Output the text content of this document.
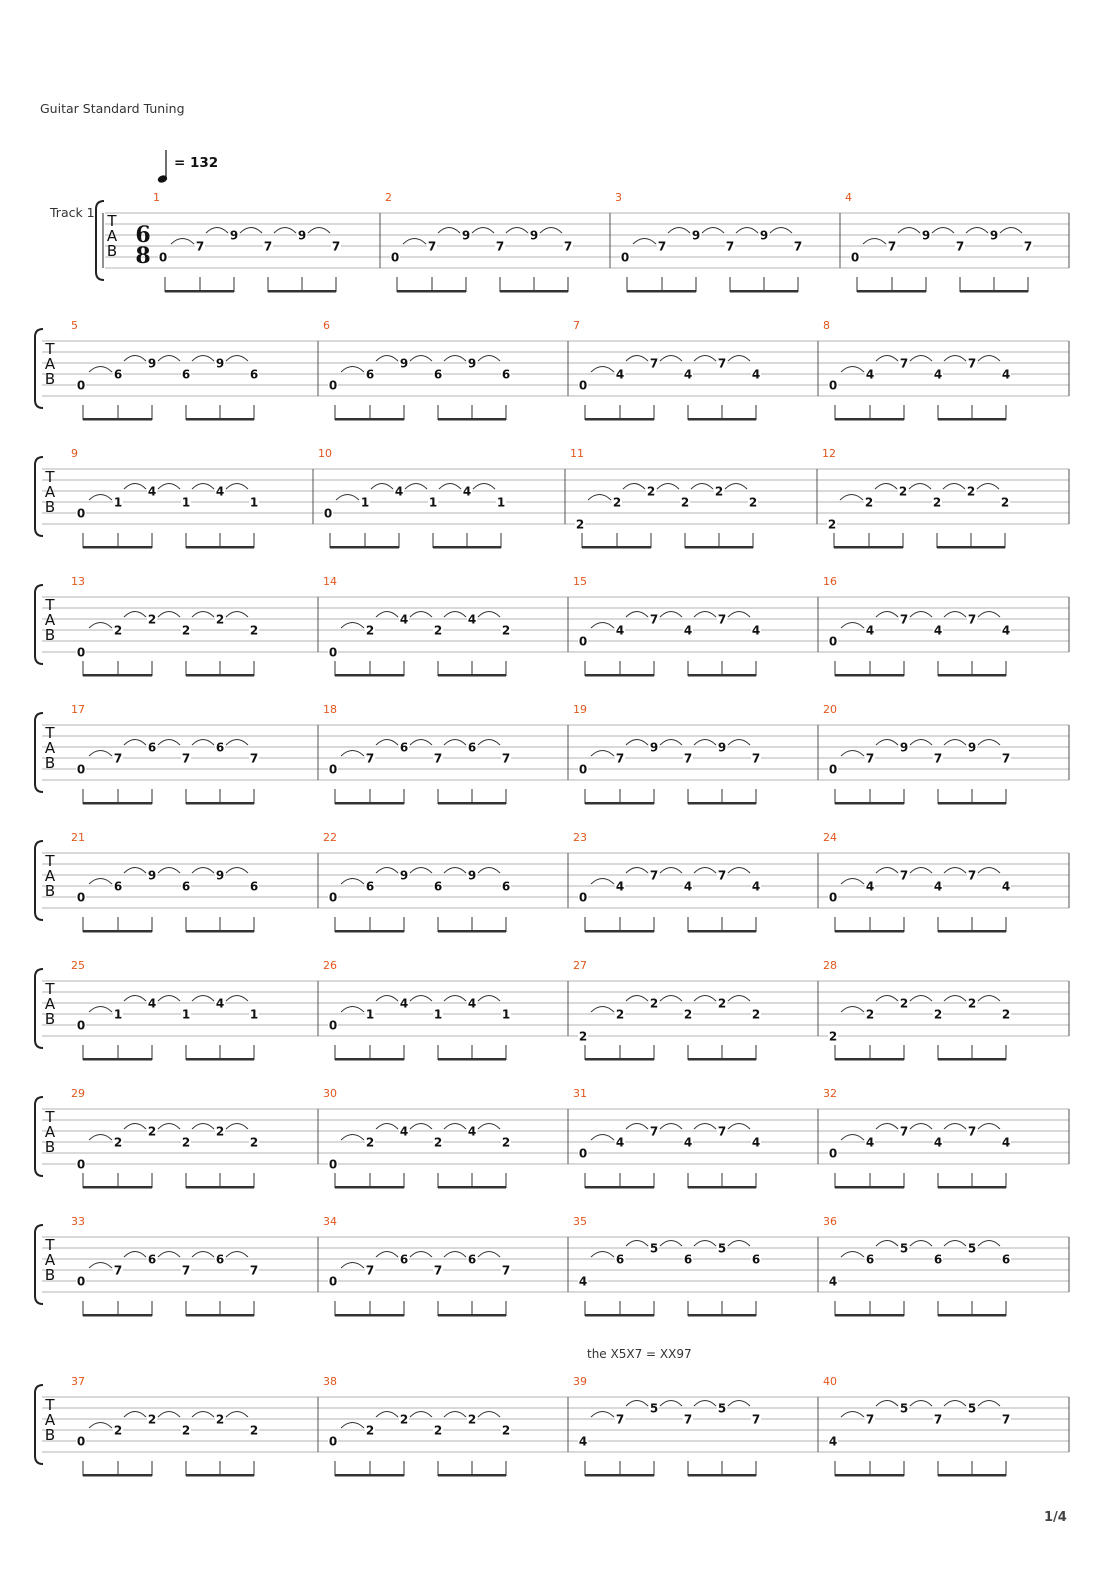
Guitar Standard Tuning
= 132
Track 1
the X5X7 = XX97
1/4
T
A
B
6
8
1
0
7
9
7
9
7
2
0
7
9
7
9
7
3
0
7
9
7
9
7
4
0
7
9
7
9
7
T
A
B
5
0
6
9
6
9
6
6
0
6
9
6
9
6
7
0
4
7
4
7
4
8
0
4
7
4
7
4
T
A
B
9
0
1
4
1
4
1
10
0
1
4
1
4
1
11
2
2
2
2
2
2
12
2
2
2
2
2
2
T
A
B
13
0
2
2
2
2
2
14
0
2
4
2
4
2
15
0
4
7
4
7
4
16
0
4
7
4
7
4
T
A
B
17
0
7
6
7
6
7
18
0
7
6
7
6
7
19
0
7
9
7
9
7
20
0
7
9
7
9
7
T
A
B
21
0
6
9
6
9
6
22
0
6
9
6
9
6
23
0
4
7
4
7
4
24
0
4
7
4
7
4
T
A
B
25
0
1
4
1
4
1
26
0
1
4
1
4
1
27
2
2
2
2
2
2
28
2
2
2
2
2
2
T
A
B
29
0
2
2
2
2
2
30
0
2
4
2
4
2
31
0
4
7
4
7
4
32
0
4
7
4
7
4
T
A
B
33
0
7
6
7
6
7
34
0
7
6
7
6
7
35
4
6
5
6
5
6
36
4
6
5
6
5
6
T
A
B
37
0
2
2
2
2
2
38
0
2
2
2
2
2
39
4
7
5
7
5
7
40
4
7
5
7
5
7
